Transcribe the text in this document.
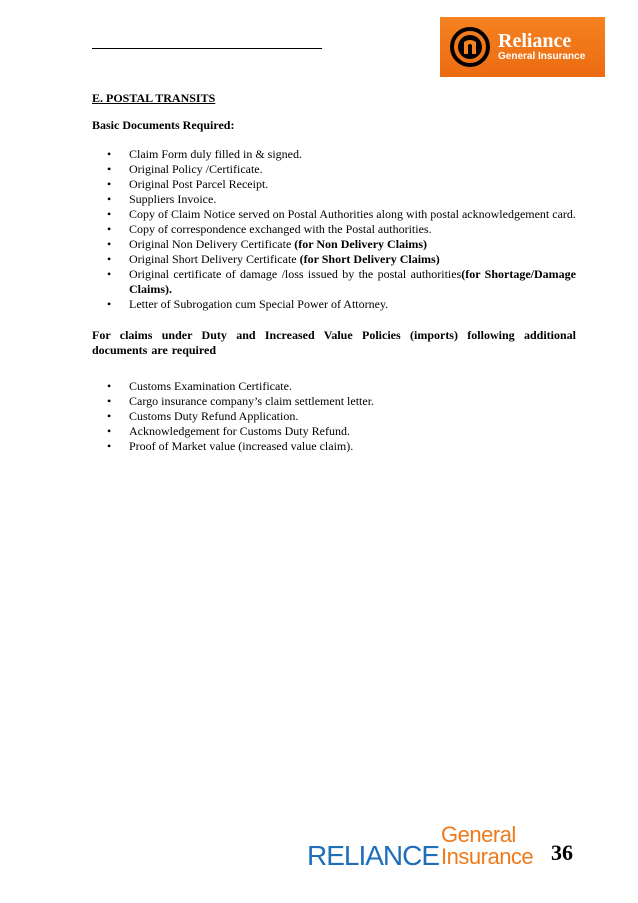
Reliance
General Insurance

E. POSTAL TRANSITS

Basic Documents Required:

• Claim Form duly filled in & signed.
• Original Policy /Certificate.
• Original Post Parcel Receipt.
• Suppliers Invoice.
• Copy of Claim Notice served on Postal Authorities along with postal acknowledgement card.
• Copy of correspondence exchanged with the Postal authorities.
• Original Non Delivery Certificate (for Non Delivery Claims)
• Original Short Delivery Certificate (for Short Delivery Claims)
• Original certificate of damage /loss issued by the postal authorities(for Shortage/Damage Claims).
• Letter of Subrogation cum Special Power of Attorney.

For claims under Duty and Increased Value Policies (imports) following additional documents are required

• Customs Examination Certificate.
• Cargo insurance company’s claim settlement letter.
• Customs Duty Refund Application.
• Acknowledgement for Customs Duty Refund.
• Proof of Market value (increased value claim).
RELIANCE
General Insurance 36
